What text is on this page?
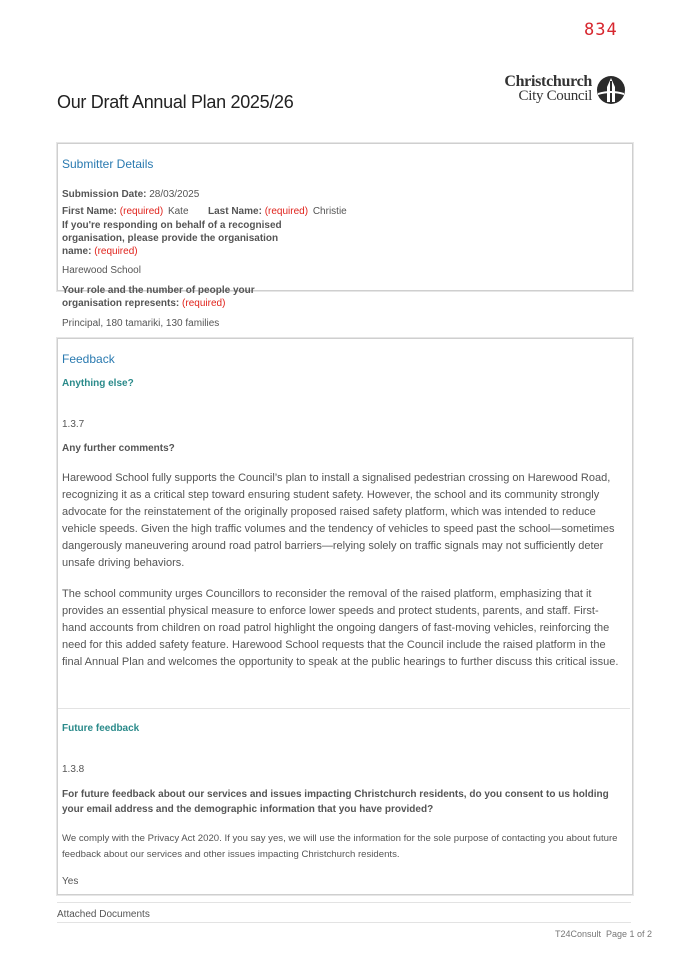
834
Our Draft Annual Plan 2025/26
Christchurch
City Council
Submitter Details
Submission Date: 28/03/2025
First Name: (required) Kate Last Name: (required) Christie
If you're responding on behalf of a recognised
organisation, please provide the organisation
name: (required)
Harewood School
Your role and the number of people your
organisation represents: (required)
Principal, 180 tamariki, 130 families
Feedback
Anything else?
1.3.7
Any further comments?
Harewood School fully supports the Council’s plan to install a signalised pedestrian crossing on Harewood Road, recognizing it as a critical step toward ensuring student safety. However, the school and its community strongly advocate for the reinstatement of the originally proposed raised safety platform, which was intended to reduce vehicle speeds. Given the high traffic volumes and the tendency of vehicles to speed past the school—sometimes dangerously maneuvering around road patrol barriers—relying solely on traffic signals may not sufficiently deter unsafe driving behaviors.
The school community urges Councillors to reconsider the removal of the raised platform, emphasizing that it provides an essential physical measure to enforce lower speeds and protect students, parents, and staff. First-hand accounts from children on road patrol highlight the ongoing dangers of fast-moving vehicles, reinforcing the need for this added safety feature. Harewood School requests that the Council include the raised platform in the final Annual Plan and welcomes the opportunity to speak at the public hearings to further discuss this critical issue.
Future feedback
1.3.8
For future feedback about our services and issues impacting Christchurch residents, do you consent to us holding your email address and the demographic information that you have provided?
We comply with the Privacy Act 2020. If you say yes, we will use the information for the sole purpose of contacting you about future feedback about our services and other issues impacting Christchurch residents.
Yes
Attached Documents
T24Consult  Page 1 of 2
